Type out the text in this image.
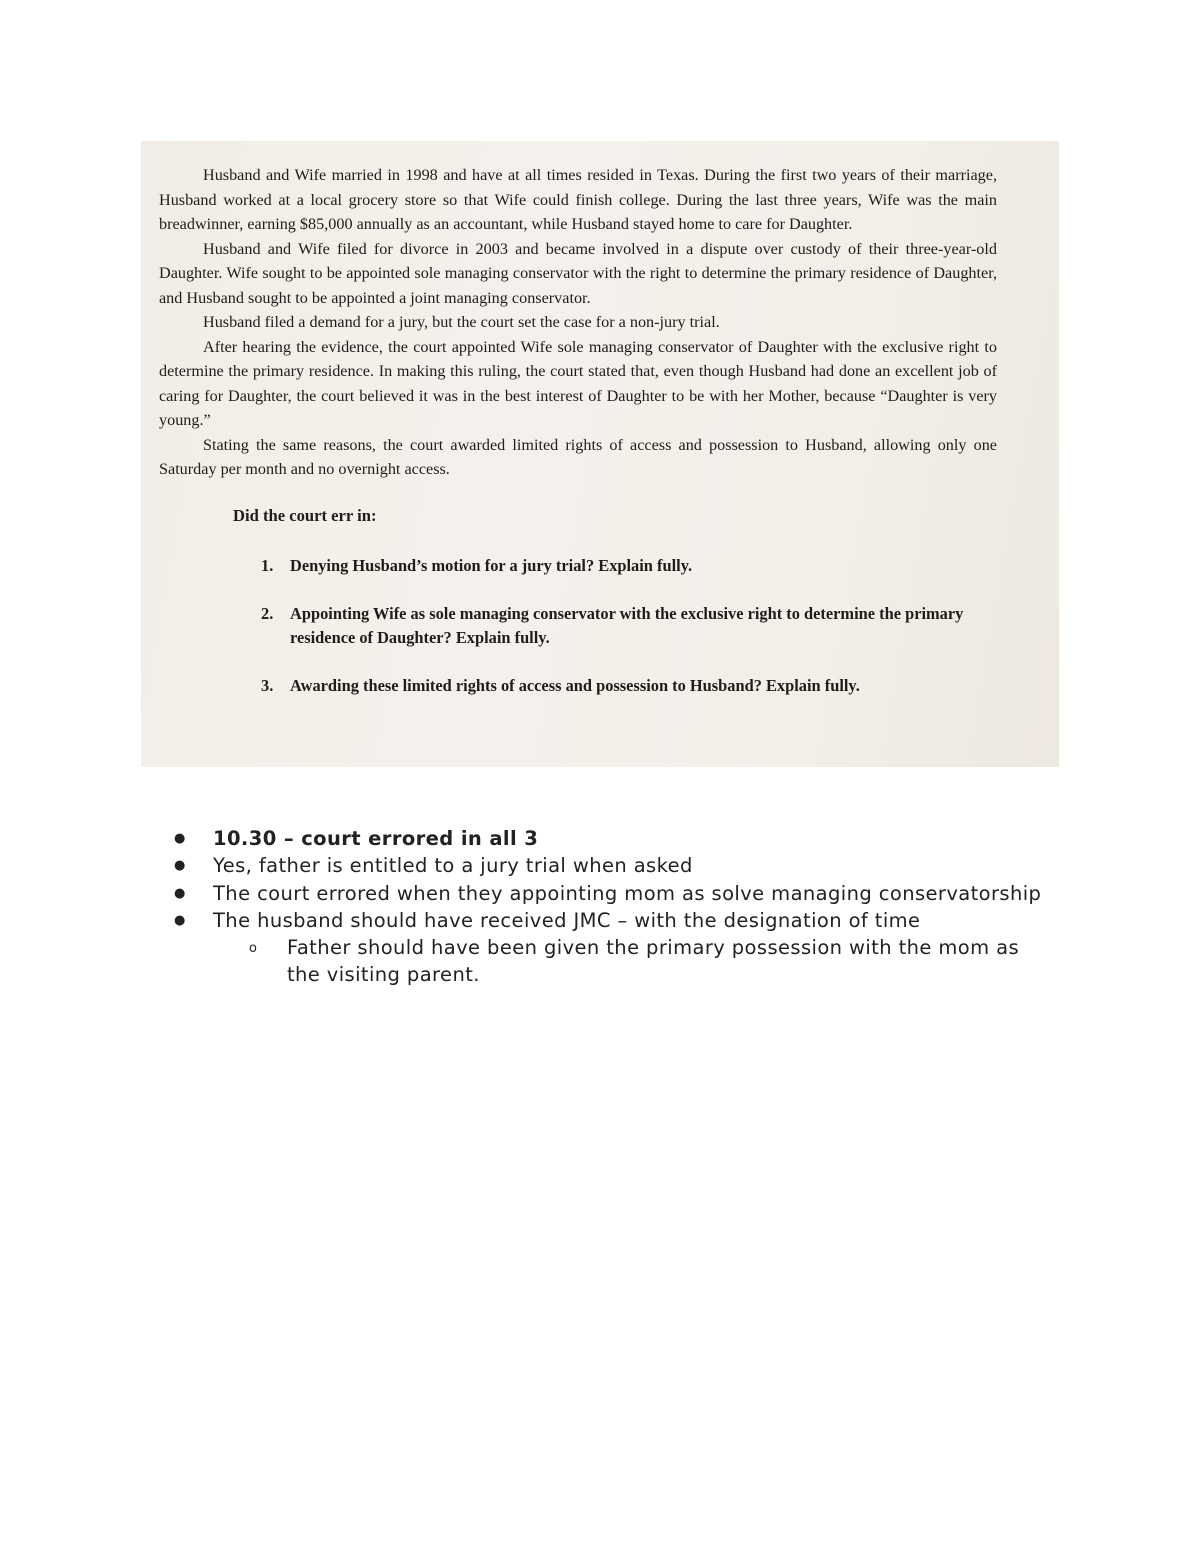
Husband and Wife married in 1998 and have at all times resided in Texas. During the first two years of their marriage, Husband worked at a local grocery store so that Wife could finish college. During the last three years, Wife was the main breadwinner, earning $85,000 annually as an accountant, while Husband stayed home to care for Daughter.

Husband and Wife filed for divorce in 2003 and became involved in a dispute over custody of their three-year-old Daughter. Wife sought to be appointed sole managing conservator with the right to determine the primary residence of Daughter, and Husband sought to be appointed a joint managing conservator.

Husband filed a demand for a jury, but the court set the case for a non-jury trial.

After hearing the evidence, the court appointed Wife sole managing conservator of Daughter with the exclusive right to determine the primary residence. In making this ruling, the court stated that, even though Husband had done an excellent job of caring for Daughter, the court believed it was in the best interest of Daughter to be with her Mother, because “Daughter is very young.”

Stating the same reasons, the court awarded limited rights of access and possession to Husband, allowing only one Saturday per month and no overnight access.

Did the court err in:
1.	Denying Husband’s motion for a jury trial? Explain fully.
2.	Appointing Wife as sole managing conservator with the exclusive right to determine the primary residence of Daughter? Explain fully.
3.	Awarding these limited rights of access and possession to Husband? Explain fully.
●	10.30 – court errored in all 3
●	Yes, father is entitled to a jury trial when asked
●	The court errored when they appointing mom as solve managing conservatorship
●	The husband should have received JMC – with the designation of time
o	Father should have been given the primary possession with the mom as the visiting parent.
